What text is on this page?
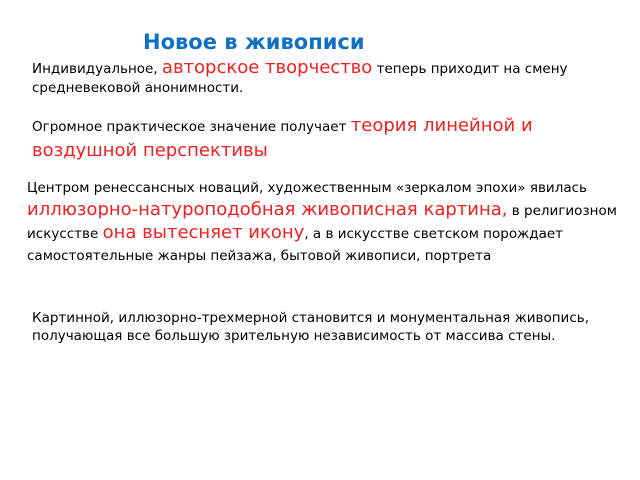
Новое в живописи

Индивидуальное, авторское творчество теперь приходит на смену средневековой анонимности.

Огромное практическое значение получает теория линейной и воздушной перспективы

Центром ренессансных новаций, художественным «зеркалом эпохи» явилась иллюзорно-натуроподобная живописная картина, в религиозном искусстве она вытесняет икону, а в искусстве светском порождает самостоятельные жанры пейзажа, бытовой живописи, портрета

Картинной, иллюзорно-трехмерной становится и монументальная живопись, получающая все большую зрительную независимость от массива стены.
